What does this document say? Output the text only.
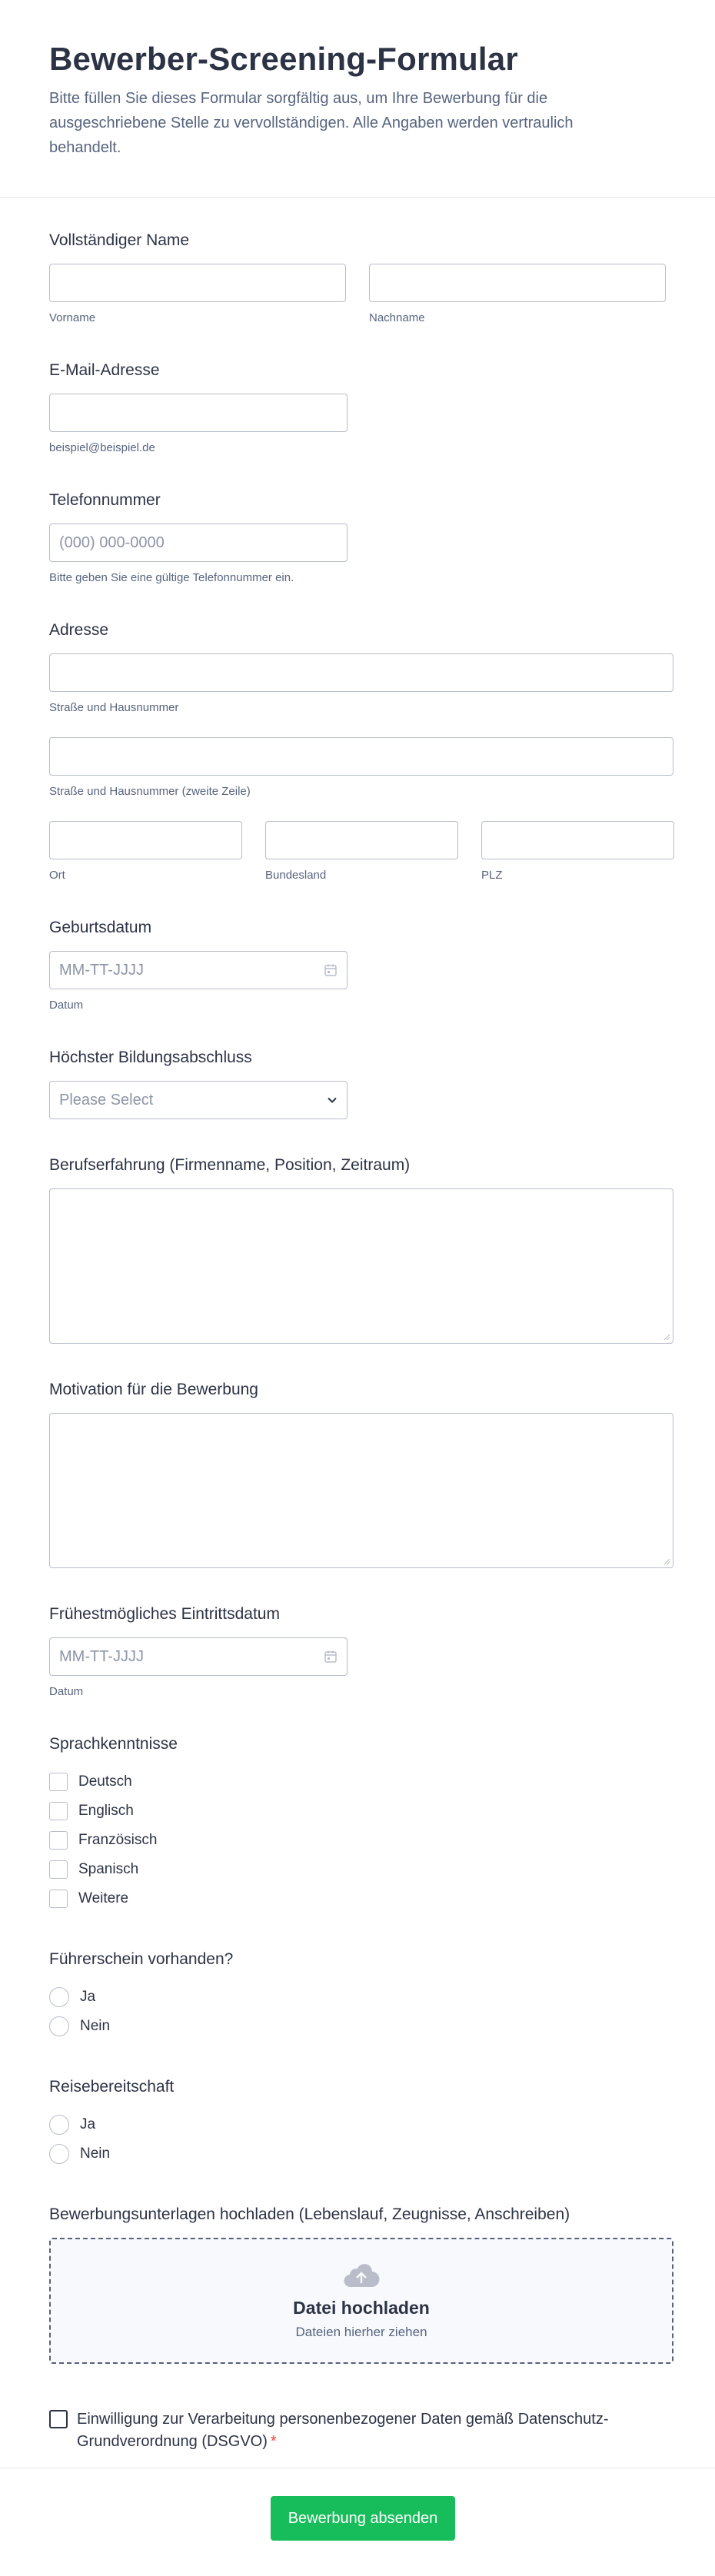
Bewerber-Screening-Formular

Bitte füllen Sie dieses Formular sorgfältig aus, um Ihre Bewerbung für die ausgeschriebene Stelle zu vervollständigen. Alle Angaben werden vertraulich behandelt.

Vollständiger Name
Vorname	Nachname
E-Mail-Adresse
beispiel@beispiel.de
Telefonnummer
(000) 000-0000
Bitte geben Sie eine gültige Telefonnummer ein.
Adresse
Straße und Hausnummer
Straße und Hausnummer (zweite Zeile)
Ort	Bundesland	PLZ
Geburtsdatum
MM-TT-JJJJ
Datum
Höchster Bildungsabschluss
Please Select
Berufserfahrung (Firmenname, Position, Zeitraum)
Motivation für die Bewerbung
Frühestmögliches Eintrittsdatum
MM-TT-JJJJ
Datum
Sprachkenntnisse
Deutsch
Englisch
Französisch
Spanisch
Weitere
Führerschein vorhanden?
Ja
Nein
Reisebereitschaft
Ja
Nein
Bewerbungsunterlagen hochladen (Lebenslauf, Zeugnisse, Anschreiben)
Datei hochladen
Dateien hierher ziehen
Einwilligung zur Verarbeitung personenbezogener Daten gemäß Datenschutz-Grundverordnung (DSGVO) *
Bewerbung absenden
